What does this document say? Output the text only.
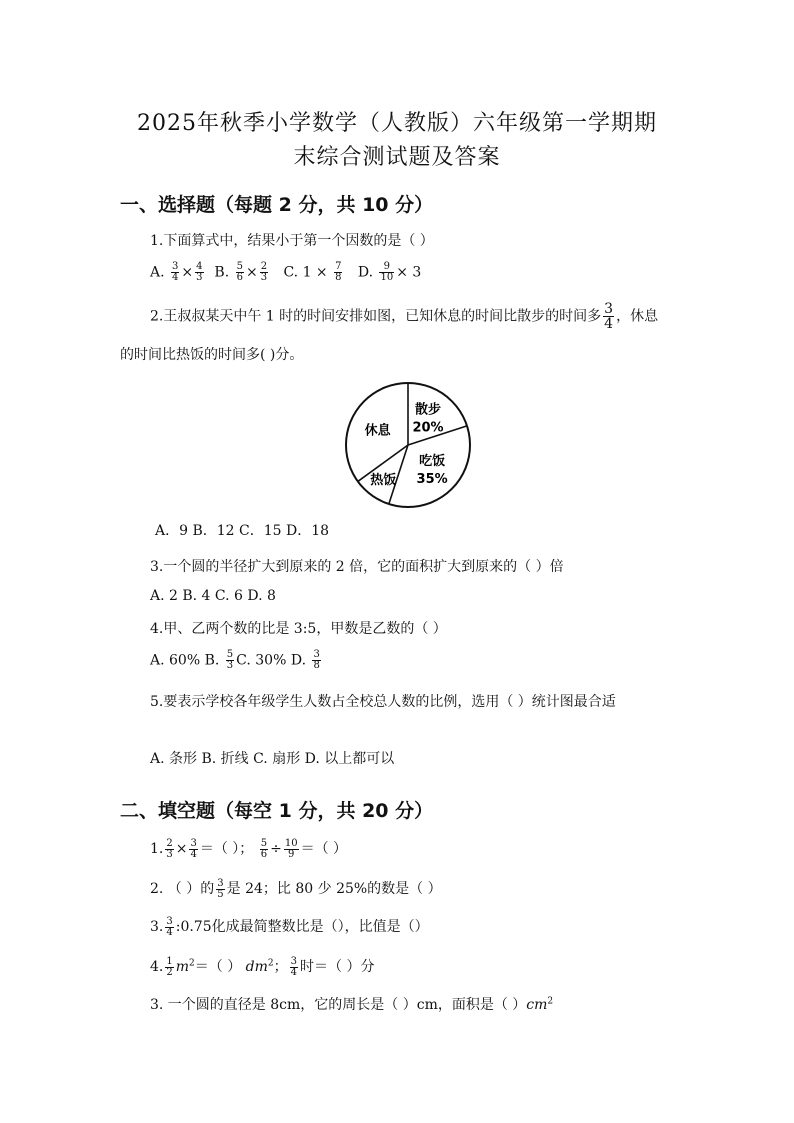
2025年秋季小学数学（人教版）六年级第一学期期
末综合测试题及答案
一、选择题（每题 2 分，共 10 分）
1.下面算式中，结果小于第一个因数的是（ ）
A. $\frac{3}{4} \times \frac{4}{3} B$. $\frac{5}{6} \times \frac{2}{3} C$. $1 \times \frac{7}{8} D$. $\frac{9}{10} \times 3$
2.王叔叔某天中午 1 时的时间安排如图，已知休息的时间比散步的时间多 $\frac{3}{4}$ ，休息
的时间比热饭的时间多( )分。
散步
20%
吃饭
35%
热饭
休息
A．9 B．12 C．15 D．18
3.一个圆的半径扩大到原来的 2 倍，它的面积扩大到原来的（ ）倍
A. 2 B. 4 C. 6 D. 8
4.甲、乙两个数的比是 3:5，甲数是乙数的（ ）
A. 60% B. $\frac{5}{3} C$. 30% D. $\frac{3}{8}$
5.要表示学校各年级学生人数占全校总人数的比例，选用（ ）统计图最合适
A. 条形 B. 折线 C. 扇形 D. 以上都可以
二、填空题（每空 1 分，共 20 分）
1. $\frac{2}{3} \times \frac{3}{4}$ ＝（ ）； $\frac{5}{6} \div \frac{10}{9}$ ＝（ ）
2. （ ）的 $\frac{3}{5}$ 是 24；比 80 少 25%的数是（ ）
3. $\frac{3}{4}$ :0.75化成最简整数比是（），比值是（）
4. $\frac{1}{2} m^2=$（ ） $dm^2$； $\frac{3}{4}$ 时＝（ ）分
3. 一个圆的直径是 8cm，它的周长是（ ）cm，面积是（ ）$cm^2$
